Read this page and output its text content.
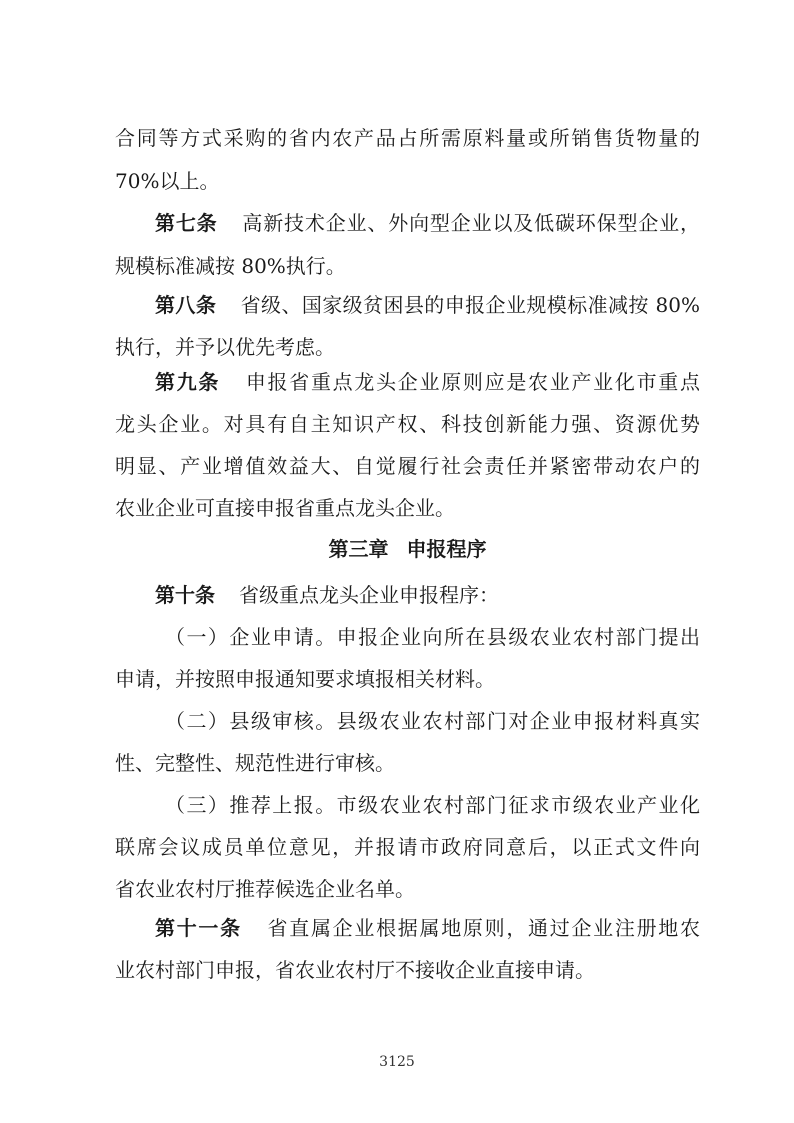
合同等方式采购的省内农产品占所需原料量或所销售货物量的
70%以上。
第七条 高新技术企业、外向型企业以及低碳环保型企业，
规模标准减按 80%执行。
第八条 省级、国家级贫困县的申报企业规模标准减按 80%
执行，并予以优先考虑。
第九条 申报省重点龙头企业原则应是农业产业化市重点
龙头企业。对具有自主知识产权、科技创新能力强、资源优势
明显、产业增值效益大、自觉履行社会责任并紧密带动农户的
农业企业可直接申报省重点龙头企业。
第三章 申报程序
第十条 省级重点龙头企业申报程序：
（一）企业申请。申报企业向所在县级农业农村部门提出
申请，并按照申报通知要求填报相关材料。
（二）县级审核。县级农业农村部门对企业申报材料真实
性、完整性、规范性进行审核。
（三）推荐上报。市级农业农村部门征求市级农业产业化
联席会议成员单位意见，并报请市政府同意后，以正式文件向
省农业农村厅推荐候选企业名单。
第十一条 省直属企业根据属地原则，通过企业注册地农
业农村部门申报，省农业农村厅不接收企业直接申请。
3125
